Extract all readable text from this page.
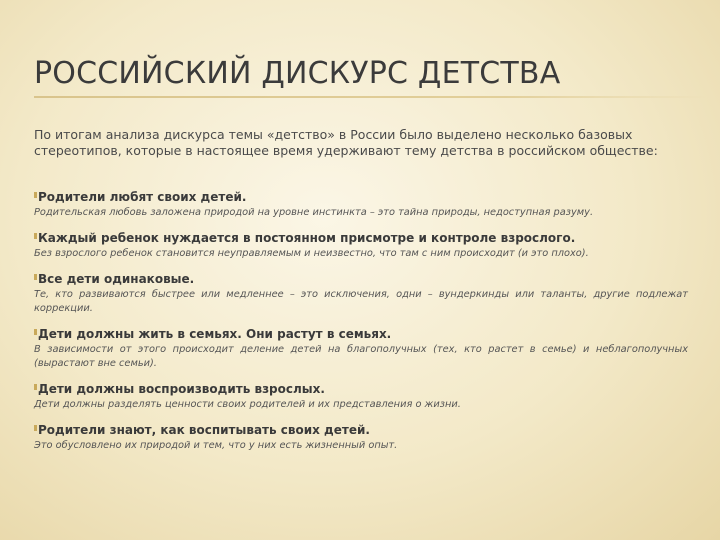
РОССИЙСКИЙ ДИСКУРС ДЕТСТВА
По итогам анализа дискурса темы «детство» в России было выделено несколько базовых стереотипов, которые в настоящее время удерживают тему детства в российском обществе:
Родители любят своих детей.
Родительская любовь заложена природой на уровне инстинкта – это тайна природы, недоступная разуму.
Каждый ребенок нуждается в постоянном присмотре и контроле взрослого.
Без взрослого ребенок становится неуправляемым и неизвестно, что там с ним происходит (и это плохо).
Все дети одинаковые.
Те, кто развиваются быстрее или медленнее – это исключения, одни – вундеркинды или таланты, другие подлежат коррекции.
Дети должны жить в семьях. Они растут в семьях.
В зависимости от этого происходит деление детей на благополучных (тех, кто растет в семье) и неблагополучных (вырастают вне семьи).
Дети должны воспроизводить взрослых.
Дети должны разделять ценности своих родителей и их представления о жизни.
Родители знают, как воспитывать своих детей.
Это обусловлено их природой и тем, что у них есть жизненный опыт.
